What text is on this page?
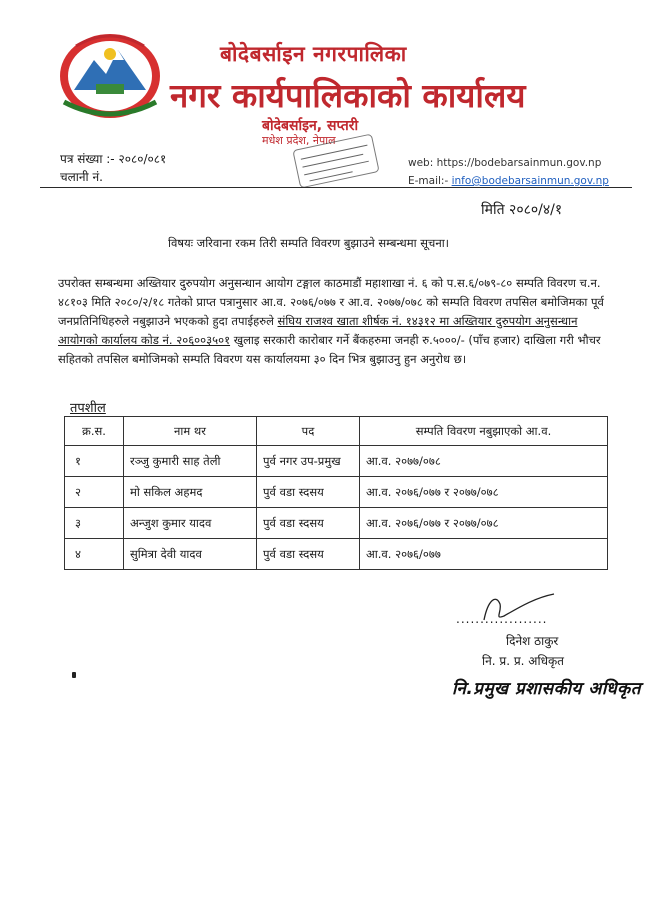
बोदेबर्साइन नगरपालिका
नगर कार्यपालिकाको कार्यालय
बोदेबर्साइन, सप्तरी
मधेश प्रदेश, नेपाल
पत्र संख्या :- २०८०/०८१
चलानी नं.
web: https://bodebarsainmun.gov.np
E-mail:- info@bodebarsainmun.gov.np
मिति २०८०/४/१
विषयः जरिवाना रकम तिरी सम्पति विवरण बुझाउने सम्बन्धमा सूचना।
उपरोक्त सम्बन्धमा अख्तियार दुरुपयोग अनुसन्धान आयोग टङ्गाल काठमाडौं महाशाखा नं. ६ को प.स.६/०७९-८० सम्पति विवरण च.न. ४८१०३ मिति २०८०/२/१८ गतेको प्राप्त पत्रानुसार आ.व. २०७६/०७७ र आ.व. २०७७/०७८ को सम्पति विवरण तपसिल बमोजिमका पूर्व जनप्रतिनिधिहरुले नबुझाउने भएकको हुदा तपाईहरुले संघिय राजश्व खाता शीर्षक नं. १४३१२ मा अख्तियार दुरुपयोग अनुसन्धान आयोगको कार्यालय कोड नं. २०६००३५०१ खुलाइ सरकारी कारोबार गर्ने बैंकहरुमा जनही रु.५०००/- (पाँच हजार) दाखिला गरी भौचर सहितको तपसिल बमोजिमको सम्पति विवरण यस कार्यालयमा ३० दिन भित्र बुझाउनु हुन अनुरोध छ।
तपशील
क्र.स.	नाम थर	पद	सम्पति विवरण नबुझाएको आ.व.
१	रञ्जु कुमारी साह तेली	पुर्व नगर उप-प्रमुख	आ.व. २०७७/०७८
२	मो सकिल अहमद	पुर्व वडा स्दसय	आ.व. २०७६/०७७ र २०७७/०७८
३	अन्जुश कुमार यादव	पुर्व वडा स्दसय	आ.व. २०७६/०७७ र २०७७/०७८
४	सुमित्रा देवी यादव	पुर्व वडा स्दसय	आ.व. २०७६/०७७
...................
दिनेश ठाकुर
नि. प्र. प्र. अधिकृत
नि.प्रमुख प्रशासकीय अधिकृत
